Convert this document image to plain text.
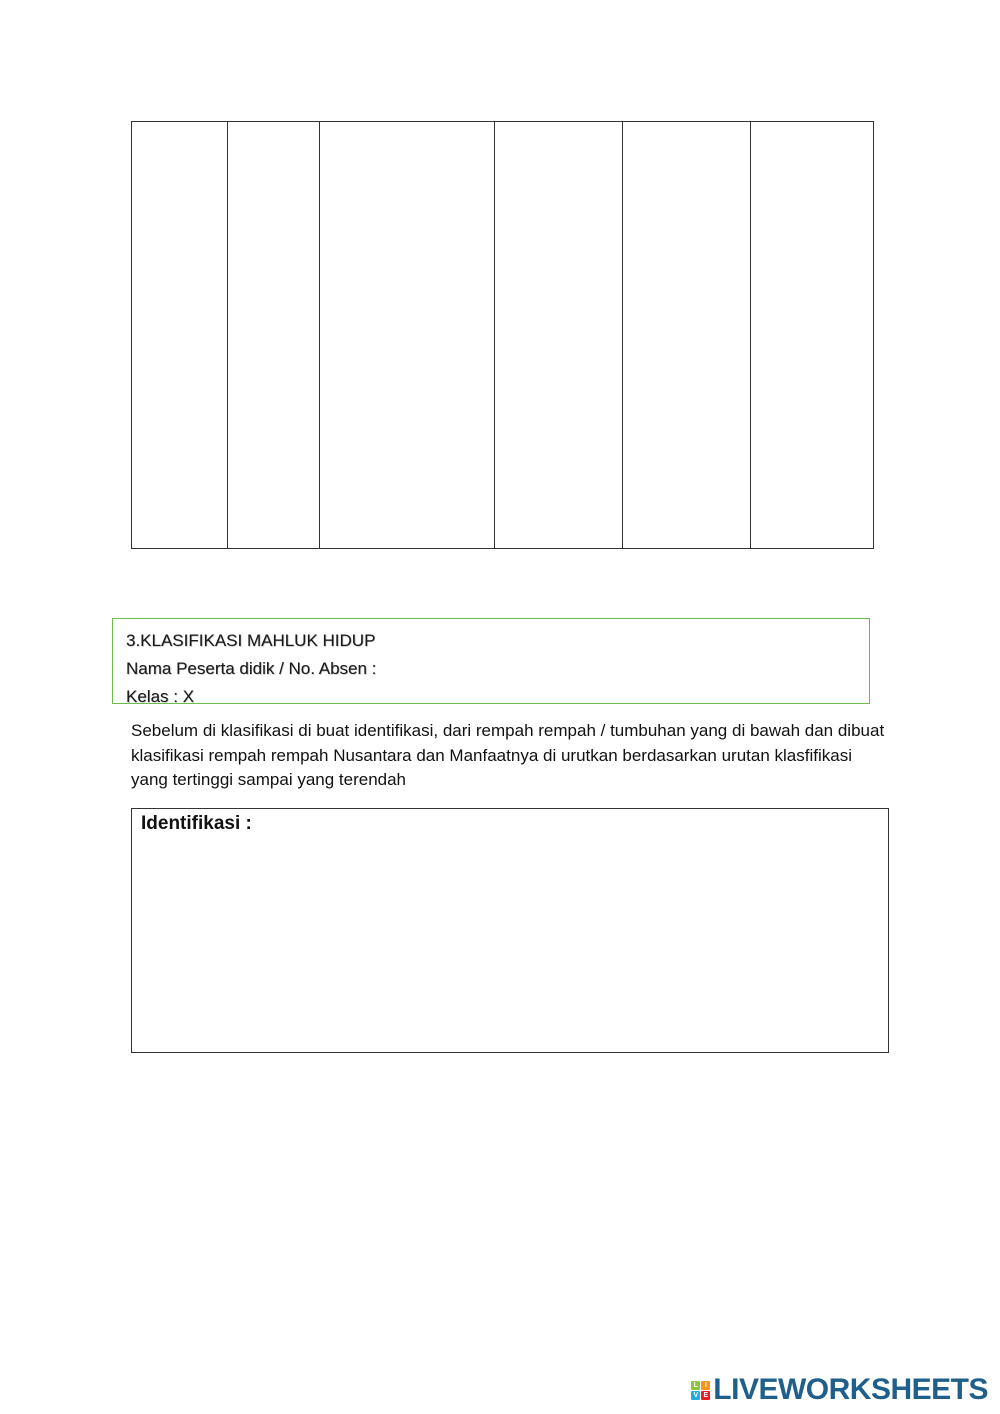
3.KLASIFIKASI MAHLUK HIDUP
Nama Peserta didik / No. Absen :
Kelas : X
Sebelum di klasifikasi di buat identifikasi, dari rempah rempah / tumbuhan yang di bawah dan dibuat klasifikasi rempah rempah Nusantara dan Manfaatnya di urutkan berdasarkan urutan klasfifikasi yang tertinggi sampai yang terendah
Identifikasi :
L I
V E LIVEWORKSHEETS
